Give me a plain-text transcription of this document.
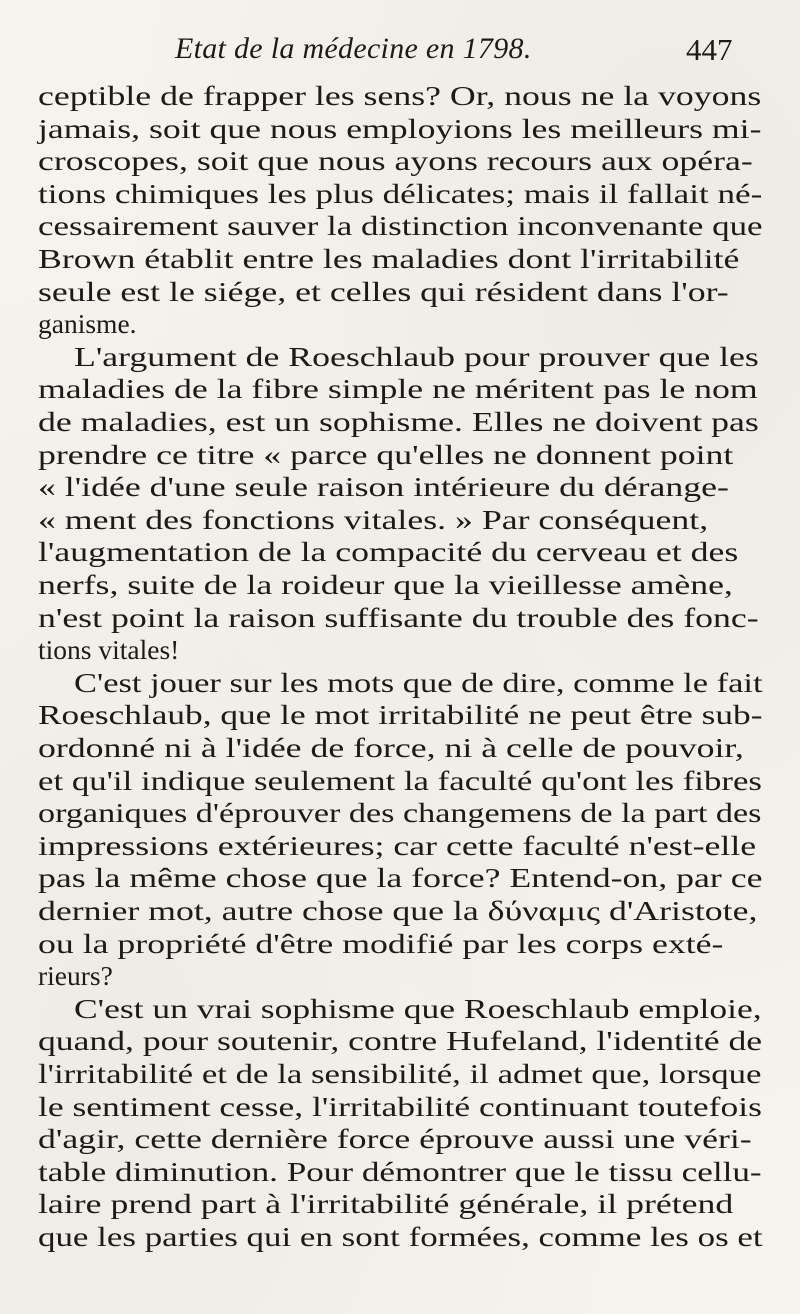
Etat de la médecine en 1798.	447
ceptible de frapper les sens? Or, nous ne la voyons
jamais, soit que nous employions les meilleurs mi-
croscopes, soit que nous ayons recours aux opéra-
tions chimiques les plus délicates; mais il fallait né-
cessairement sauver la distinction inconvenante que
Brown établit entre les maladies dont l'irritabilité
seule est le siége, et celles qui résident dans l'or-
ganisme.
L'argument de Roeschlaub pour prouver que les
maladies de la fibre simple ne méritent pas le nom
de maladies, est un sophisme. Elles ne doivent pas
prendre ce titre « parce qu'elles ne donnent point
« l'idée d'une seule raison intérieure du dérange-
« ment des fonctions vitales. » Par conséquent,
l'augmentation de la compacité du cerveau et des
nerfs, suite de la roideur que la vieillesse amène,
n'est point la raison suffisante du trouble des fonc-
tions vitales!
C'est jouer sur les mots que de dire, comme le fait
Roeschlaub, que le mot irritabilité ne peut être sub-
ordonné ni à l'idée de force, ni à celle de pouvoir,
et qu'il indique seulement la faculté qu'ont les fibres
organiques d'éprouver des changemens de la part des
impressions extérieures; car cette faculté n'est-elle
pas la même chose que la force? Entend-on, par ce
dernier mot, autre chose que la δύναμις d'Aristote,
ou la propriété d'être modifié par les corps exté-
rieurs?
C'est un vrai sophisme que Roeschlaub emploie,
quand, pour soutenir, contre Hufeland, l'identité de
l'irritabilité et de la sensibilité, il admet que, lorsque
le sentiment cesse, l'irritabilité continuant toutefois
d'agir, cette dernière force éprouve aussi une véri-
table diminution. Pour démontrer que le tissu cellu-
laire prend part à l'irritabilité générale, il prétend
que les parties qui en sont formées, comme les os et
